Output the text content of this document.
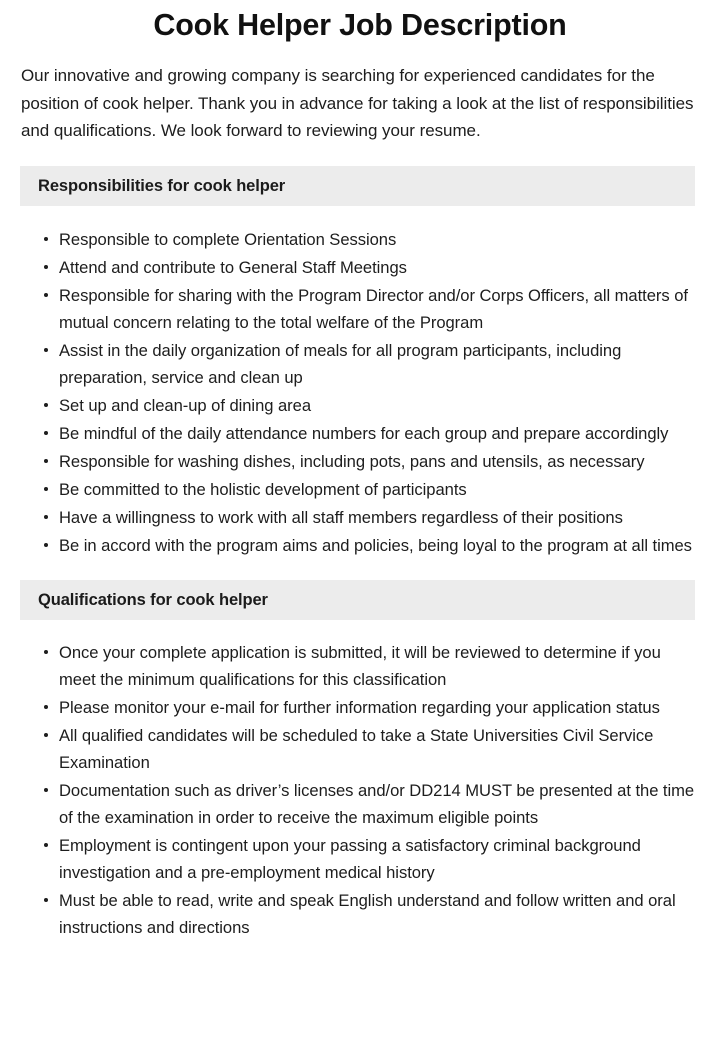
Cook Helper Job Description

Our innovative and growing company is searching for experienced candidates for the position of cook helper. Thank you in advance for taking a look at the list of responsibilities and qualifications. We look forward to reviewing your resume.

Responsibilities for cook helper
Responsible to complete Orientation Sessions
Attend and contribute to General Staff Meetings
Responsible for sharing with the Program Director and/or Corps Officers, all matters of mutual concern relating to the total welfare of the Program
Assist in the daily organization of meals for all program participants, including preparation, service and clean up
Set up and clean-up of dining area
Be mindful of the daily attendance numbers for each group and prepare accordingly
Responsible for washing dishes, including pots, pans and utensils, as necessary
Be committed to the holistic development of participants
Have a willingness to work with all staff members regardless of their positions
Be in accord with the program aims and policies, being loyal to the program at all times
Qualifications for cook helper
Once your complete application is submitted, it will be reviewed to determine if you meet the minimum qualifications for this classification
Please monitor your e-mail for further information regarding your application status
All qualified candidates will be scheduled to take a State Universities Civil Service Examination
Documentation such as driver’s licenses and/or DD214 MUST be presented at the time of the examination in order to receive the maximum eligible points
Employment is contingent upon your passing a satisfactory criminal background investigation and a pre-employment medical history
Must be able to read, write and speak English understand and follow written and oral instructions and directions
